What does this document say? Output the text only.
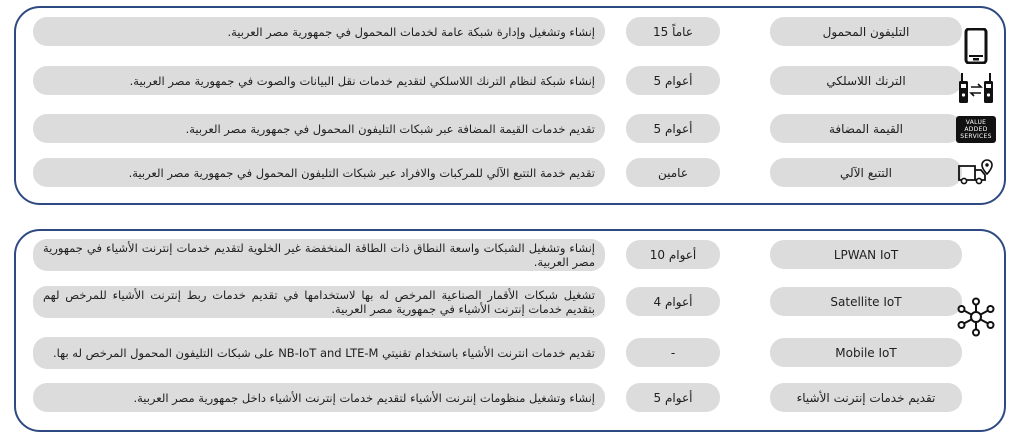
التليفون المحمول
15 عاماً
إنشاء وتشغيل وإدارة شبكة عامة لخدمات المحمول في جمهورية مصر العربية.
الترنك اللاسلكي
5 أعوام
إنشاء شبكة لنظام الترنك اللاسلكي لتقديم خدمات نقل البيانات والصوت في جمهورية مصر العربية.
القيمة المضافة
5 أعوام
تقديم خدمات القيمة المضافة عبر شبكات التليفون المحمول في جمهورية مصر العربية.
التتبع الآلي
عامين
تقديم خدمة التتبع الآلي للمركبات والافراد عبر شبكات التليفون المحمول في جمهورية مصر العربية.
VALUE ADDED SERVICES
LPWAN IoT
10 أعوام
إنشاء وتشغيل الشبكات واسعة النطاق ذات الطاقة المنخفضة غير الخلوية لتقديم خدمات إنترنت الأشياء في جمهورية مصر العربية.
Satellite IoT
4 أعوام
تشغيل شبكات الأقمار الصناعية المرخص له بها لاستخدامها في تقديم خدمات ربط إنترنت الأشياء للمرخص لهم بتقديم خدمات إنترنت الأشياء في جمهورية مصر العربية.
Mobile IoT
-
تقديم خدمات انترنت الأشياء باستخدام تقنيتي NB-IoT and LTE-M على شبكات التليفون المحمول المرخص له بها.
تقديم خدمات إنترنت الأشياء
5 أعوام
إنشاء وتشغيل منظومات إنترنت الأشياء لتقديم خدمات إنترنت الأشياء داخل جمهورية مصر العربية.
